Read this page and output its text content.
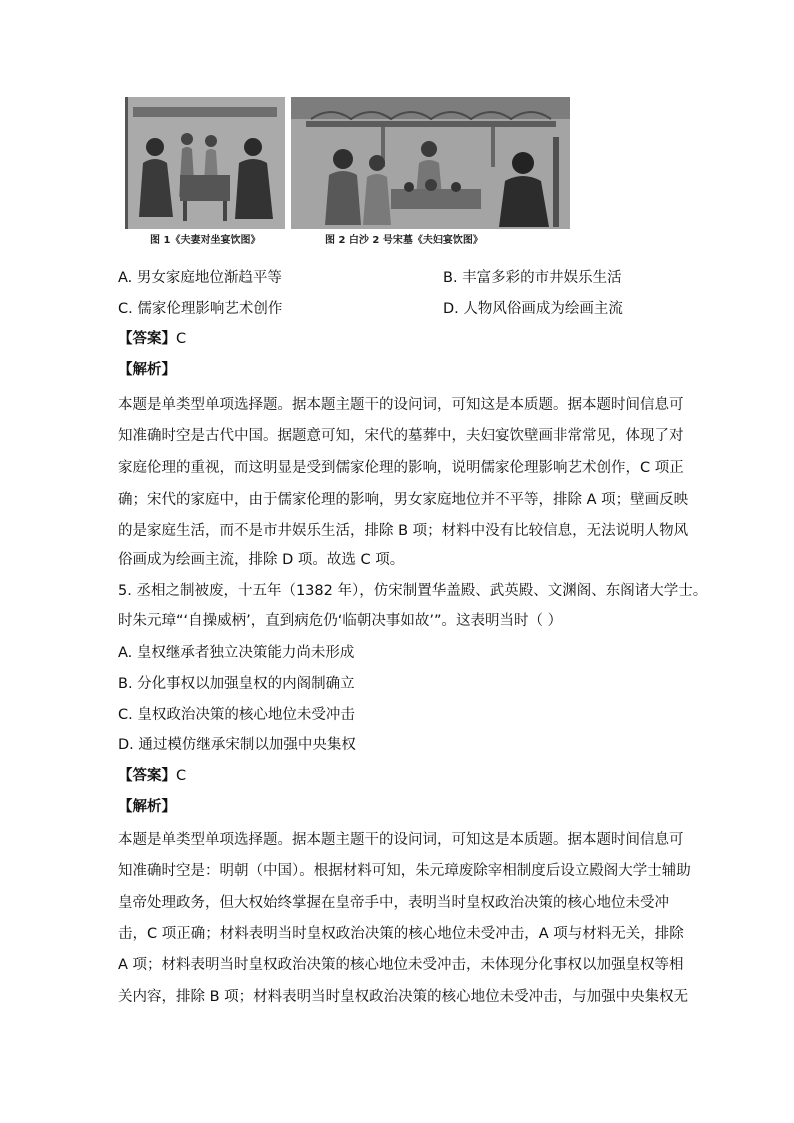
图 1《夫妻对坐宴饮图》	图 2 白沙 2 号宋墓《夫妇宴饮图》
A. 男女家庭地位渐趋平等	B. 丰富多彩的市井娱乐生活
C. 儒家伦理影响艺术创作	D. 人物风俗画成为绘画主流
【答案】C
【解析】
本题是单类型单项选择题。据本题主题干的设问词，可知这是本质题。据本题时间信息可
知准确时空是古代中国。据题意可知，宋代的墓葬中，夫妇宴饮壁画非常常见，体现了对
家庭伦理的重视，而这明显是受到儒家伦理的影响，说明儒家伦理影响艺术创作，C 项正
确；宋代的家庭中，由于儒家伦理的影响，男女家庭地位并不平等，排除 A 项；壁画反映
的是家庭生活，而不是市井娱乐生活，排除 B 项；材料中没有比较信息，无法说明人物风
俗画成为绘画主流，排除 D 项。故选 C 项。
5. 丞相之制被废，十五年（1382 年），仿宋制置华盖殿、武英殿、文渊阁、东阁诸大学士。
时朱元璋“‘自操威柄’，直到病危仍‘临朝决事如故’”。这表明当时（ ）
A. 皇权继承者独立决策能力尚未形成
B. 分化事权以加强皇权的内阁制确立
C. 皇权政治决策的核心地位未受冲击
D. 通过模仿继承宋制以加强中央集权
【答案】C
【解析】
本题是单类型单项选择题。据本题主题干的设问词，可知这是本质题。据本题时间信息可
知准确时空是：明朝（中国）。根据材料可知，朱元璋废除宰相制度后设立殿阁大学士辅助
皇帝处理政务，但大权始终掌握在皇帝手中，表明当时皇权政治决策的核心地位未受冲
击，C 项正确；材料表明当时皇权政治决策的核心地位未受冲击，A 项与材料无关，排除
A 项；材料表明当时皇权政治决策的核心地位未受冲击，未体现分化事权以加强皇权等相
关内容，排除 B 项；材料表明当时皇权政治决策的核心地位未受冲击，与加强中央集权无
